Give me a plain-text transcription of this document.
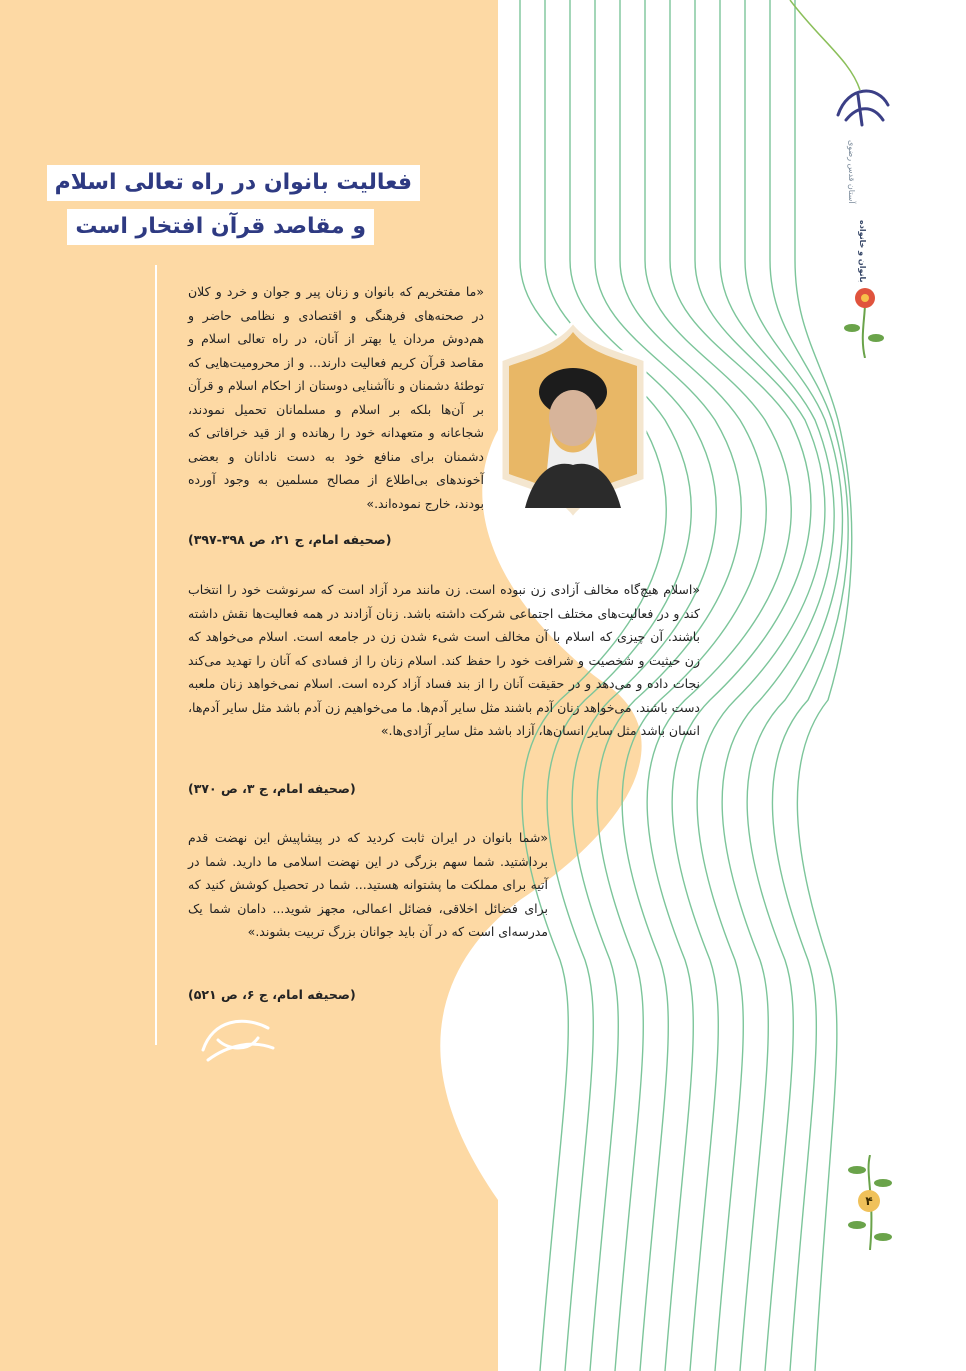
فعالیت بانوان در راه تعالی اسلام
و مقاصد قرآن افتخار است
«ما مفتخریم که بانوان و زنان پیر و جوان و خرد و کلان در صحنه‌های فرهنگی و اقتصادی و نظامی حاضر و هم‌دوش مردان یا بهتر از آنان، در راه تعالی اسلام و مقاصد قرآن کریم فعالیت دارند... و از محرومیت‌هایی که توطئهٔ دشمنان و ناآشنایی دوستان از احکام اسلام و قرآن بر آن‌ها بلکه بر اسلام و مسلمانان تحمیل نمودند، شجاعانه و متعهدانه خود را رهانده و از قید خرافاتی که دشمنان برای منافع خود به دست نادانان و بعضی آخوندهای بی‌اطلاع از مصالح مسلمین به وجود آورده بودند، خارج نموده‌اند.»
(صحیفه امام، ج ۲۱، ص ۳۹۸-۳۹۷)
«اسلام هیچ‌گاه مخالف آزادی زن نبوده است. زن مانند مرد آزاد است که سرنوشت خود را انتخاب کند و در فعالیت‌های مختلف اجتماعی شرکت داشته باشد. زنان آزادند در همه فعالیت‌ها نقش داشته باشند. آن چیزی که اسلام با آن مخالف است شیء شدن زن در جامعه است. اسلام می‌خواهد که زن حیثیت و شخصیت و شرافت خود را حفظ کند. اسلام زنان را از فسادی که آنان را تهدید می‌کند نجات داده و می‌دهد و در حقیقت آنان را از بند فساد آزاد کرده است. اسلام نمی‌خواهد زنان ملعبه دست باشند. می‌خواهد زنان آدم باشند مثل سایر آدم‌ها. ما می‌خواهیم زن آدم باشد مثل سایر آدم‌ها، انسان باشد مثل سایر انسان‌ها، آزاد باشد مثل سایر آزادی‌ها.»
(صحیفه امام، ج ۳، ص ۳۷۰)
«شما بانوان در ایران ثابت کردید که در پیشاپیش این نهضت قدم برداشتید. شما سهم بزرگی در این نهضت اسلامی ما دارید. شما در آتیه برای مملکت ما پشتوانه هستید... شما در تحصیل کوشش کنید که برای فضائل اخلاقی، فضائل اعمالی، مجهز شوید... دامان شما یک مدرسه‌ای است که در آن باید جوانان بزرگ تربیت بشوند.»
(صحیفه امام، ج ۶، ص ۵۲۱)
آستان قدس رضوی
بانوان و خانواده
۴
